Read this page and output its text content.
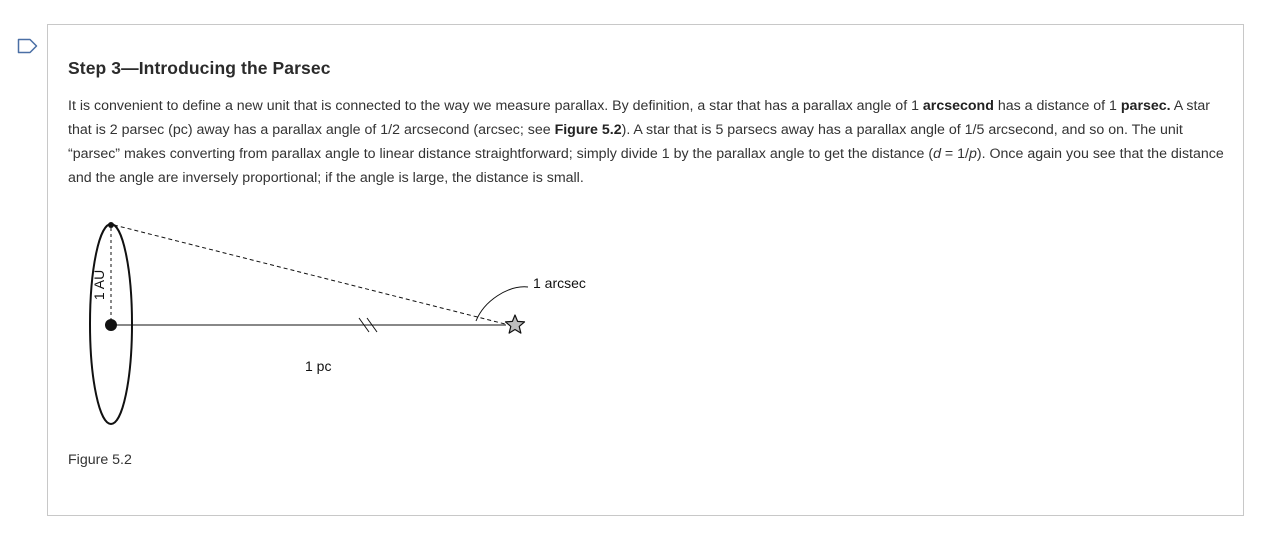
Step 3—Introducing the Parsec

It is convenient to define a new unit that is connected to the way we measure parallax. By definition, a star that has a parallax angle of 1 arcsecond has a distance of 1 parsec. A star that is 2 parsec (pc) away has a parallax angle of 1/2 arcsecond (arcsec; see Figure 5.2). A star that is 5 parsecs away has a parallax angle of 1/5 arcsecond, and so on. The unit “parsec” makes converting from parallax angle to linear distance straightforward; simply divide 1 by the parallax angle to get the distance (d = 1/p). Once again you see that the distance and the angle are inversely proportional; if the angle is large, the distance is small.

1 AU
1 pc
1 arcsec

Figure 5.2
